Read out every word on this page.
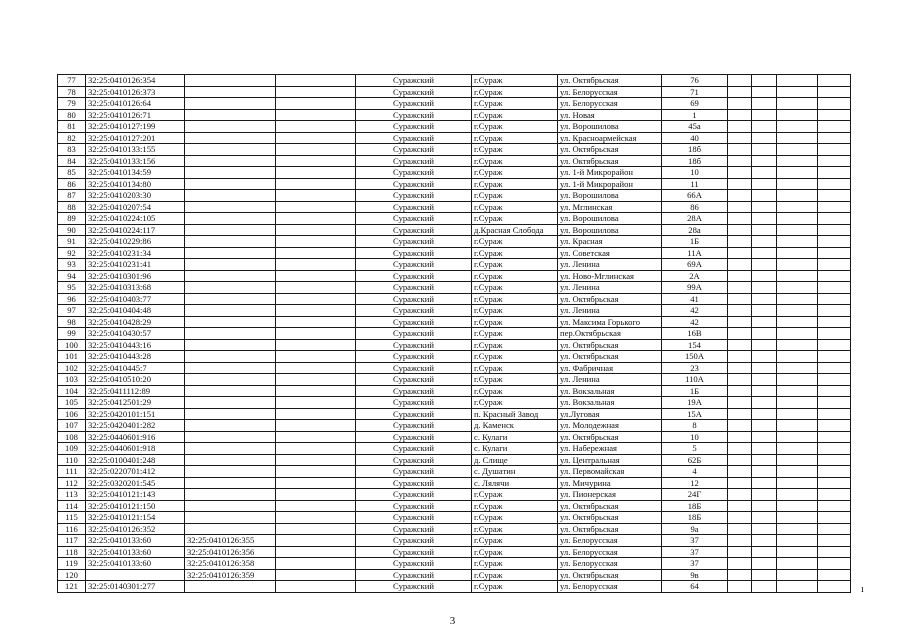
77	32:25:0410126:354			Суражский	г.Сураж	ул. Октябрьская	76				
78	32:25:0410126:373			Суражский	г.Сураж	ул. Белорусская	71				
79	32:25:0410126:64			Суражский	г.Сураж	ул. Белорусская	69				
80	32:25:0410126:71			Суражский	г.Сураж	ул. Новая	1				
81	32:25:0410127:199			Суражский	г.Сураж	ул. Ворошилова	45а				
82	32:25:0410127:201			Суражский	г.Сураж	ул. Красноармейская	40				
83	32:25:0410133:155			Суражский	г.Сураж	ул. Октябрьская	18б				
84	32:25:0410133:156			Суражский	г.Сураж	ул. Октябрьская	18б				
85	32:25:0410134:59			Суражский	г.Сураж	ул. 1-й Микрорайон	10				
86	32:25:0410134:80			Суражский	г.Сураж	ул. 1-й Микрорайон	11				
87	32:25:0410203:30			Суражский	г.Сураж	ул. Ворошилова	66А				
88	32:25:0410207:54			Суражский	г.Сураж	ул. Мглинская	86				
89	32:25:0410224:105			Суражский	г.Сураж	ул. Ворошилова	28А				
90	32:25:0410224:117			Суражский	д.Красная Слобода	ул. Ворошилова	28а				
91	32:25:0410229:86			Суражский	г.Сураж	ул. Красная	1Б				
92	32:25:0410231:34			Суражский	г.Сураж	ул. Советская	11А				
93	32:25:0410231:41			Суражский	г.Сураж	ул. Ленина	69А				
94	32:25:0410301:96			Суражский	г.Сураж	ул. Ново-Мглинская	2А				
95	32:25:0410313:68			Суражский	г.Сураж	ул. Ленина	99А				
96	32:25:0410403:77			Суражский	г.Сураж	ул. Октябрьская	41				
97	32:25:0410404:48			Суражский	г.Сураж	ул. Ленина	42				
98	32:25:0410428:29			Суражский	г.Сураж	ул. Максима Горького	42				
99	32:25:0410430:57			Суражский	г.Сураж	пер.Октябрьская	16В				
100	32:25:0410443:16			Суражский	г.Сураж	ул. Октябрьская	154				
101	32:25:0410443:28			Суражский	г.Сураж	ул. Октябрьская	150А				
102	32:25:0410445:7			Суражский	г.Сураж	ул. Фабричная	23				
103	32:25:0410510:20			Суражский	г.Сураж	ул. Ленина	110А				
104	32:25:0411112:89			Суражский	г.Сураж	ул. Вокзальная	1Б				
105	32:25:0412501:29			Суражский	г.Сураж	ул. Вокзальная	19А				
106	32:25:0420101:151			Суражский	п. Красный Завод	ул.Луговая	15А				
107	32:25:0420401:282			Суражский	д. Каменск	ул. Молодежная	8				
108	32:25:0440601:916			Суражский	с. Кулаги	ул. Октябрьская	10				
109	32:25:0440601:918			Суражский	с. Кулаги	ул. Набережная	5				
110	32:25:0100401:248			Суражский	д. Слище	ул. Центральная	62Б				
111	32:25:0220701:412			Суражский	с. Душатин	ул. Первомайская	4				
112	32:25:0320201:545			Суражский	с. Лялячи	ул. Мичурина	12				
113	32:25:0410121:143			Суражский	г.Сураж	ул. Пионерская	24Г				
114	32:25:0410121:150			Суражский	г.Сураж	ул. Октябрьская	18Б				
115	32:25:0410121:154			Суражский	г.Сураж	ул. Октябрьская	18Б				
116	32:25:0410126:352			Суражский	г.Сураж	ул. Октябрьская	9а				
117	32:25:0410133:60	32:25:0410126:355		Суражский	г.Сураж	ул. Белорусская	37				
118	32:25:0410133:60	32:25:0410126:356		Суражский	г.Сураж	ул. Белорусская	37				
119	32:25:0410133:60	32:25:0410126:358		Суражский	г.Сураж	ул. Белорусская	37				
120		32:25:0410126:359		Суражский	г.Сураж	ул. Октябрьская	9в				
121	32:25:0140301:277			Суражский	г.Сураж	ул. Белорусская	64				
3
ı
